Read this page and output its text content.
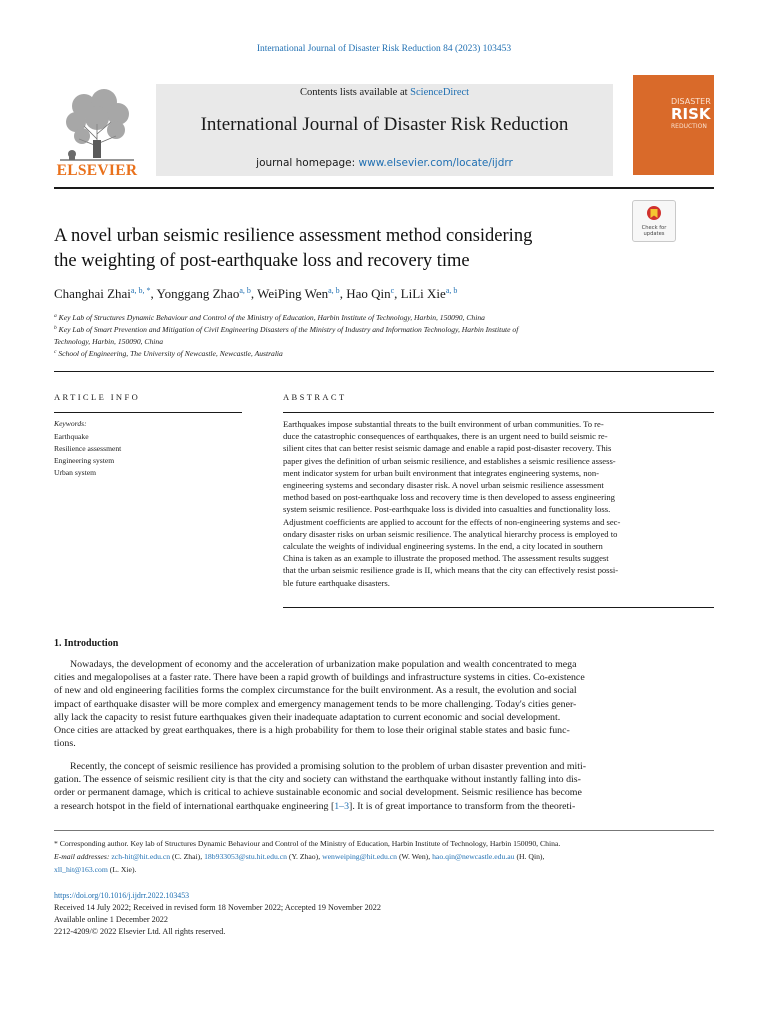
International Journal of Disaster Risk Reduction 84 (2023) 103453
ELSEVIER
Contents lists available at ScienceDirect
International Journal of Disaster Risk Reduction
journal homepage: www.elsevier.com/locate/ijdrr
DISASTER
RISK
REDUCTION
A novel urban seismic resilience assessment method considering
the weighting of post-earthquake loss and recovery time
Check for updates
Changhai Zhai$^{a, b, *}$, Yonggang Zhao$^{a, b}$, WeiPing Wen$^{a, b}$, Hao Qin$^c$, LiLi Xie$^{a, b}$
$^a$ Key Lab of Structures Dynamic Behaviour and Control of the Ministry of Education, Harbin Institute of Technology, Harbin, 150090, China
$^b$ Key Lab of Smart Prevention and Mitigation of Civil Engineering Disasters of the Ministry of Industry and Information Technology, Harbin Institute of
Technology, Harbin, 150090, China
$^c$ School of Engineering, The University of Newcastle, Newcastle, Australia
ARTICLE INFO
Keywords:
Earthquake
Resilience assessment
Engineering system
Urban system
ABSTRACT
Earthquakes impose substantial threats to the built environment of urban communities. To re-
duce the catastrophic consequences of earthquakes, there is an urgent need to build seismic re-
silient cites that can better resist seismic damage and enable a rapid post-disaster recovery. This
paper gives the definition of urban seismic resilience, and establishes a seismic resilience assess-
ment indicator system for urban built environment that integrates engineering systems, non-
engineering systems and secondary disaster risk. A novel urban seismic resilience assessment
method based on post-earthquake loss and recovery time is then developed to assess engineering
system seismic resilience. Post-earthquake loss is divided into casualties and functionality loss.
Adjustment coefficients are applied to account for the effects of non-engineering systems and sec-
ondary disaster risks on urban seismic resilience. The analytical hierarchy process is employed to
calculate the weights of individual engineering systems. In the end, a city located in southern
China is taken as an example to illustrate the proposed method. The assessment results suggest
that the urban seismic resilience grade is II, which means that the city can effectively resist possi-
ble future earthquake disasters.
1. Introduction
Nowadays, the development of economy and the acceleration of urbanization make population and wealth concentrated to mega
cities and megalopolises at a faster rate. There have been a rapid growth of buildings and infrastructure systems in cities. Co-existence
of new and old engineering facilities forms the complex circumstance for the built environment. As a result, the evolution and social
impact of earthquake disaster will be more complex and emergency management tends to be more challenging. Today's cities gener-
ally lack the capacity to resist future earthquakes given their inadequate adaptation to current economic and social development.
Once cities are attacked by great earthquakes, there is a high probability for them to lose their original stable states and basic func-
tions.
Recently, the concept of seismic resilience has provided a promising solution to the problem of urban disaster prevention and miti-
gation. The essence of seismic resilient city is that the city and society can withstand the earthquake without instantly falling into dis-
order or permanent damage, which is critical to achieve sustainable economic and social development. Seismic resilience has become
a research hotspot in the field of international earthquake engineering [1–3]. It is of great importance to transform from the theoreti-
* Corresponding author. Key lab of Structures Dynamic Behaviour and Control of the Ministry of Education, Harbin Institute of Technology, Harbin 150090, China.
E-mail addresses: zch-hit@hit.edu.cn (C. Zhai), 18b933053@stu.hit.edu.cn (Y. Zhao), wenweiping@hit.edu.cn (W. Wen), hao.qin@newcastle.edu.au (H. Qin),
xll_hit@163.com (L. Xie).
https://doi.org/10.1016/j.ijdrr.2022.103453
Received 14 July 2022; Received in revised form 18 November 2022; Accepted 19 November 2022
Available online 1 December 2022
2212-4209/© 2022 Elsevier Ltd. All rights reserved.
